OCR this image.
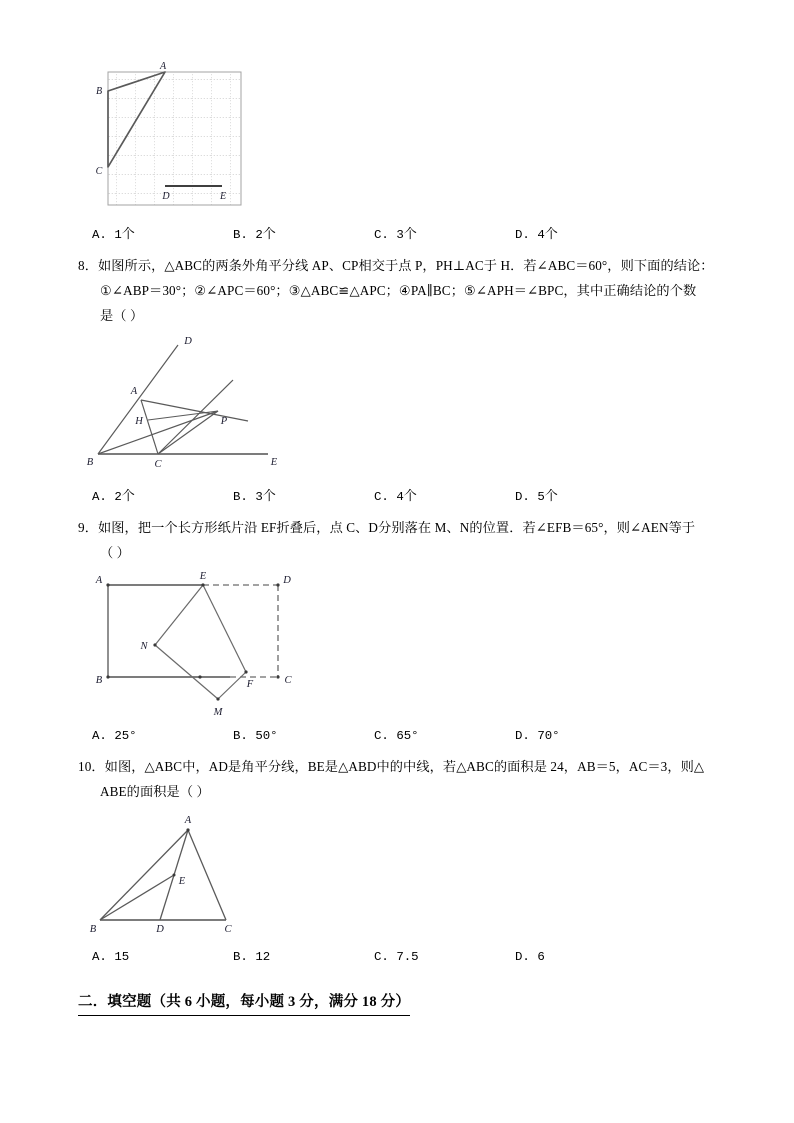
A
B
C
D	E
A. 1个	B. 2个	C. 3个	D. 4个
8．如图所示，△ABC的两条外角平分线 AP、CP相交于点 P，PH⊥AC于 H．若∠ABC＝60°，则下面的结论：
①∠ABP＝30°；②∠APC＝60°；③△ABC≌△APC；④PA∥BC；⑤∠APH＝∠BPC，其中正确结论的个数
是（ ）
D
A
H	P
B	C	E
A. 2个	B. 3个	C. 4个	D. 5个
9．如图，把一个长方形纸片沿 EF折叠后，点 C、D分别落在 M、N的位置．若∠EFB＝65°，则∠AEN等于
（ ）
A	E	D
N
B	F	C
M
A. 25°	B. 50°	C. 65°	D. 70°
10．如图，△ABC中，AD是角平分线，BE是△ABD中的中线，若△ABC的面积是 24，AB＝5，AC＝3，则△
ABE的面积是（ ）
A
E
B	D	C
A. 15	B. 12	C. 7.5	D. 6
二．填空题（共 6 小题，每小题 3 分，满分 18 分）
